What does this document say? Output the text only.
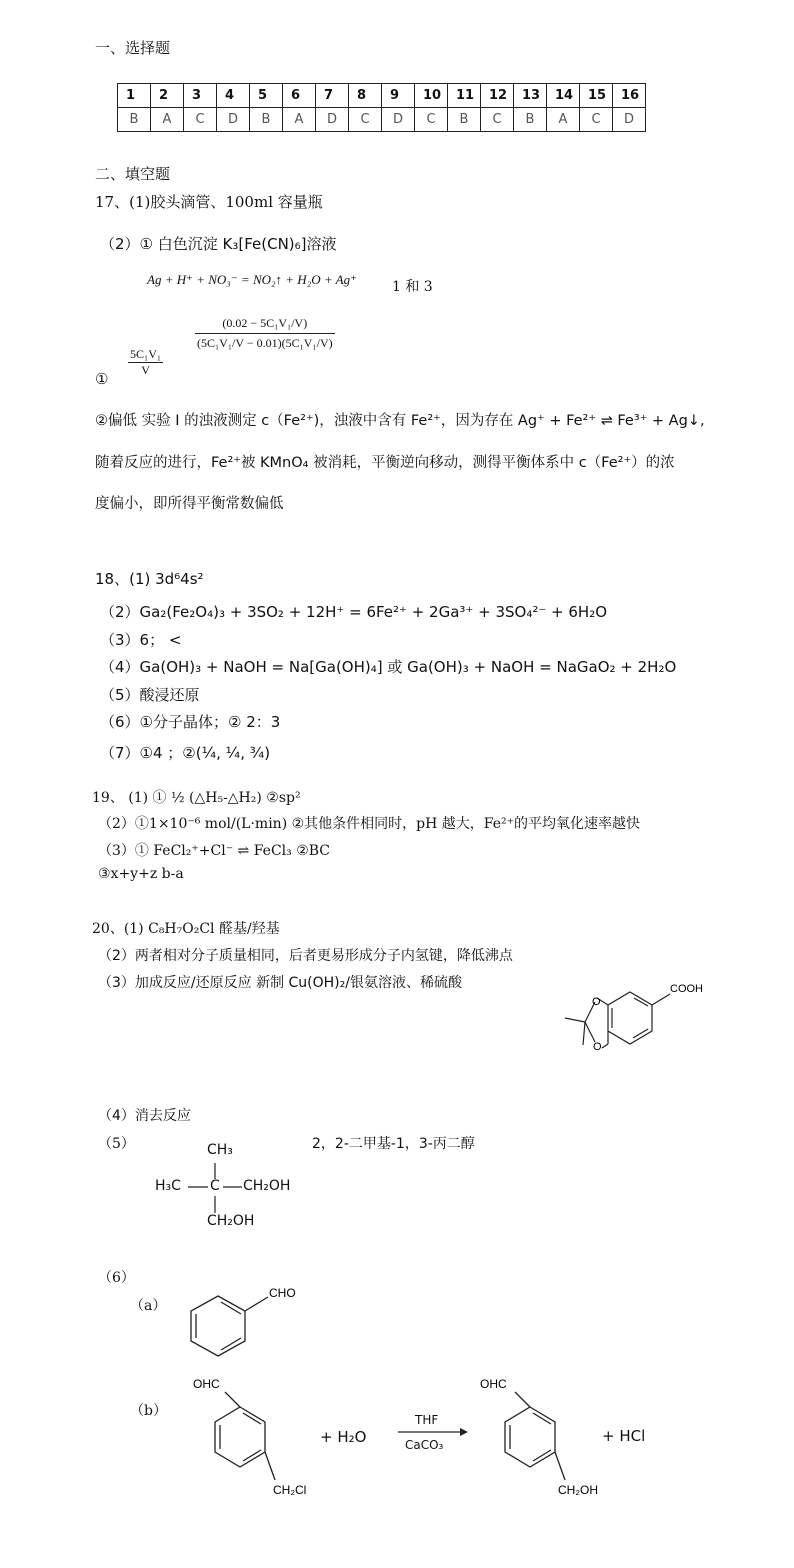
一、选择题
1	2	3	4	5	6	7	8	9	10	11	12	13	14	15	16
B	A	C	D	B	A	D	C	D	C	B	C	B	A	C	D
二、填空题
17、(1)胶头滴管、100ml 容量瓶
（2）① 白色沉淀 K₃[Fe(CN)₆]溶液
Ag + H⁺ + NO₃⁻ = NO₂↑ + H₂O + Ag⁺	1 和 3
①
$\frac{\text{5C₁V₁}}{V}$
$\frac{\text{(0.02 − 5C₁V₁/V)}}{\text{(5C₁V₁/V − 0.01)(5C₁V₁/V)}}$
②偏低 实验 I 的浊液测定 c（Fe²⁺)，浊液中含有 Fe²⁺，因为存在 Ag⁺ + Fe²⁺ ⇌ Fe³⁺ + Ag↓,
随着反应的进行，Fe²⁺被 KMnO₄ 被消耗，平衡逆向移动，测得平衡体系中 c（Fe²⁺）的浓
度偏小，即所得平衡常数偏低
18、(1) 3d⁶4s²
（2）Ga₂(Fe₂O₄)₃ + 3SO₂ + 12H⁺ = 6Fe²⁺ + 2Ga³⁺ + 3SO₄²⁻ + 6H₂O
（3）6； <
（4）Ga(OH)₃ + NaOH = Na[Ga(OH)₄] 或 Ga(OH)₃ + NaOH = NaGaO₂ + 2H₂O
（5）酸浸还原
（6）①分子晶体；② 2：3
（7）①4 ；②(¼, ¼, ¾)
19、 (1) ① ½ (△H₅-△H₂) ②sp²
（2）①1×10⁻⁶ mol/(L·min) ②其他条件相同时，pH 越大，Fe²⁺的平均氧化速率越快
（3）① FeCl₂⁺+Cl⁻ ⇌ FeCl₃ ②BC
③x+y+z b-a
20、(1) C₈H₇O₂Cl 醛基/羟基
（2）两者相对分子质量相同，后者更易形成分子内氢键，降低沸点
（3）加成反应/还原反应 新制 Cu(OH)₂/银氨溶液、稀硫酸	COOH
O
O
（4）消去反应
（5）	2，2-二甲基-1，3-丙二醇
CH₃
H₃C C CH₂OH
CH₂OH
（6）
（a）
CHO
（b）
OHC
CH₂Cl
+ H₂O
THF
CaCO₃
OHC
CH₂OH
+ HCl
